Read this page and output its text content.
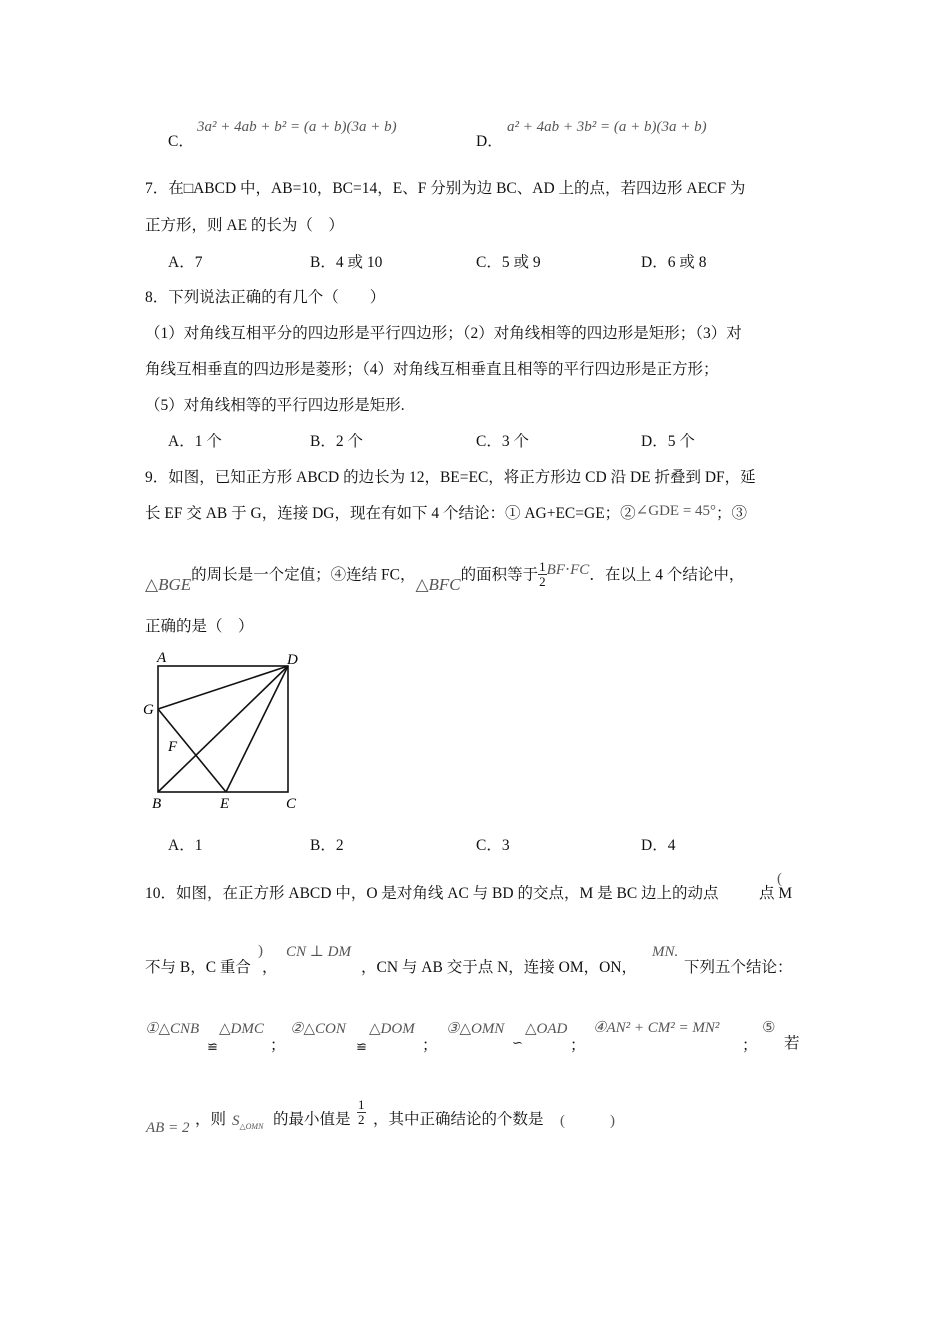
C．
3a² + 4ab + b² = (a + b)(3a + b)
D．
a² + 4ab + 3b² = (a + b)(3a + b)
7．在□ABCD 中，AB=10，BC=14，E、F 分别为边 BC、AD 上的点，若四边形 AECF 为
正方形，则 AE 的长为（　）
A．7	B．4 或 10	C．5 或 9	D．6 或 8
8．下列说法正确的有几个（　　）
（1）对角线互相平分的四边形是平行四边形；（2）对角线相等的四边形是矩形；（3）对
角线互相垂直的四边形是菱形；（4）对角线互相垂直且相等的平行四边形是正方形；
（5）对角线相等的平行四边形是矩形.
A．1 个	B．2 个	C．3 个	D．5 个
9．如图，已知正方形 ABCD 的边长为 12，BE=EC，将正方形边 CD 沿 DE 折叠到 DF，延
长 EF 交 AB 于 G，连接 DG，现在有如下 4 个结论：① AG+EC=GE；②∠GDE = 45°；③
△BGE的周长是一个定值；④连结 FC，△BFC的面积等于 $\frac{1}{2} BF\cdot FC$．在以上 4 个结论中，
正确的是（　）
A	D
G
F
B	E	C
A．1	B．2	C．3	D．4
10．如图，在正方形 ABCD 中，O 是对角线 AC 与 BD 的交点，M 是 BC 边上的动点
(
点 M
不与 B，C 重合
)
，
CN ⊥ DM
，CN 与 AB 交于点 N，连接 OM，ON，
MN.
下列五个结论：
①△CNB
≌
△DMC
；
②△CON
≌
△DOM
；
③△OMN
∽
△OAD
；
④AN² + CM² = MN²
；
⑤
若
AB = 2 ，则 $S_{\triangle OMN}$ 的最小值是 $\frac{1}{2}$ ，其中正确结论的个数是 (　　　)
